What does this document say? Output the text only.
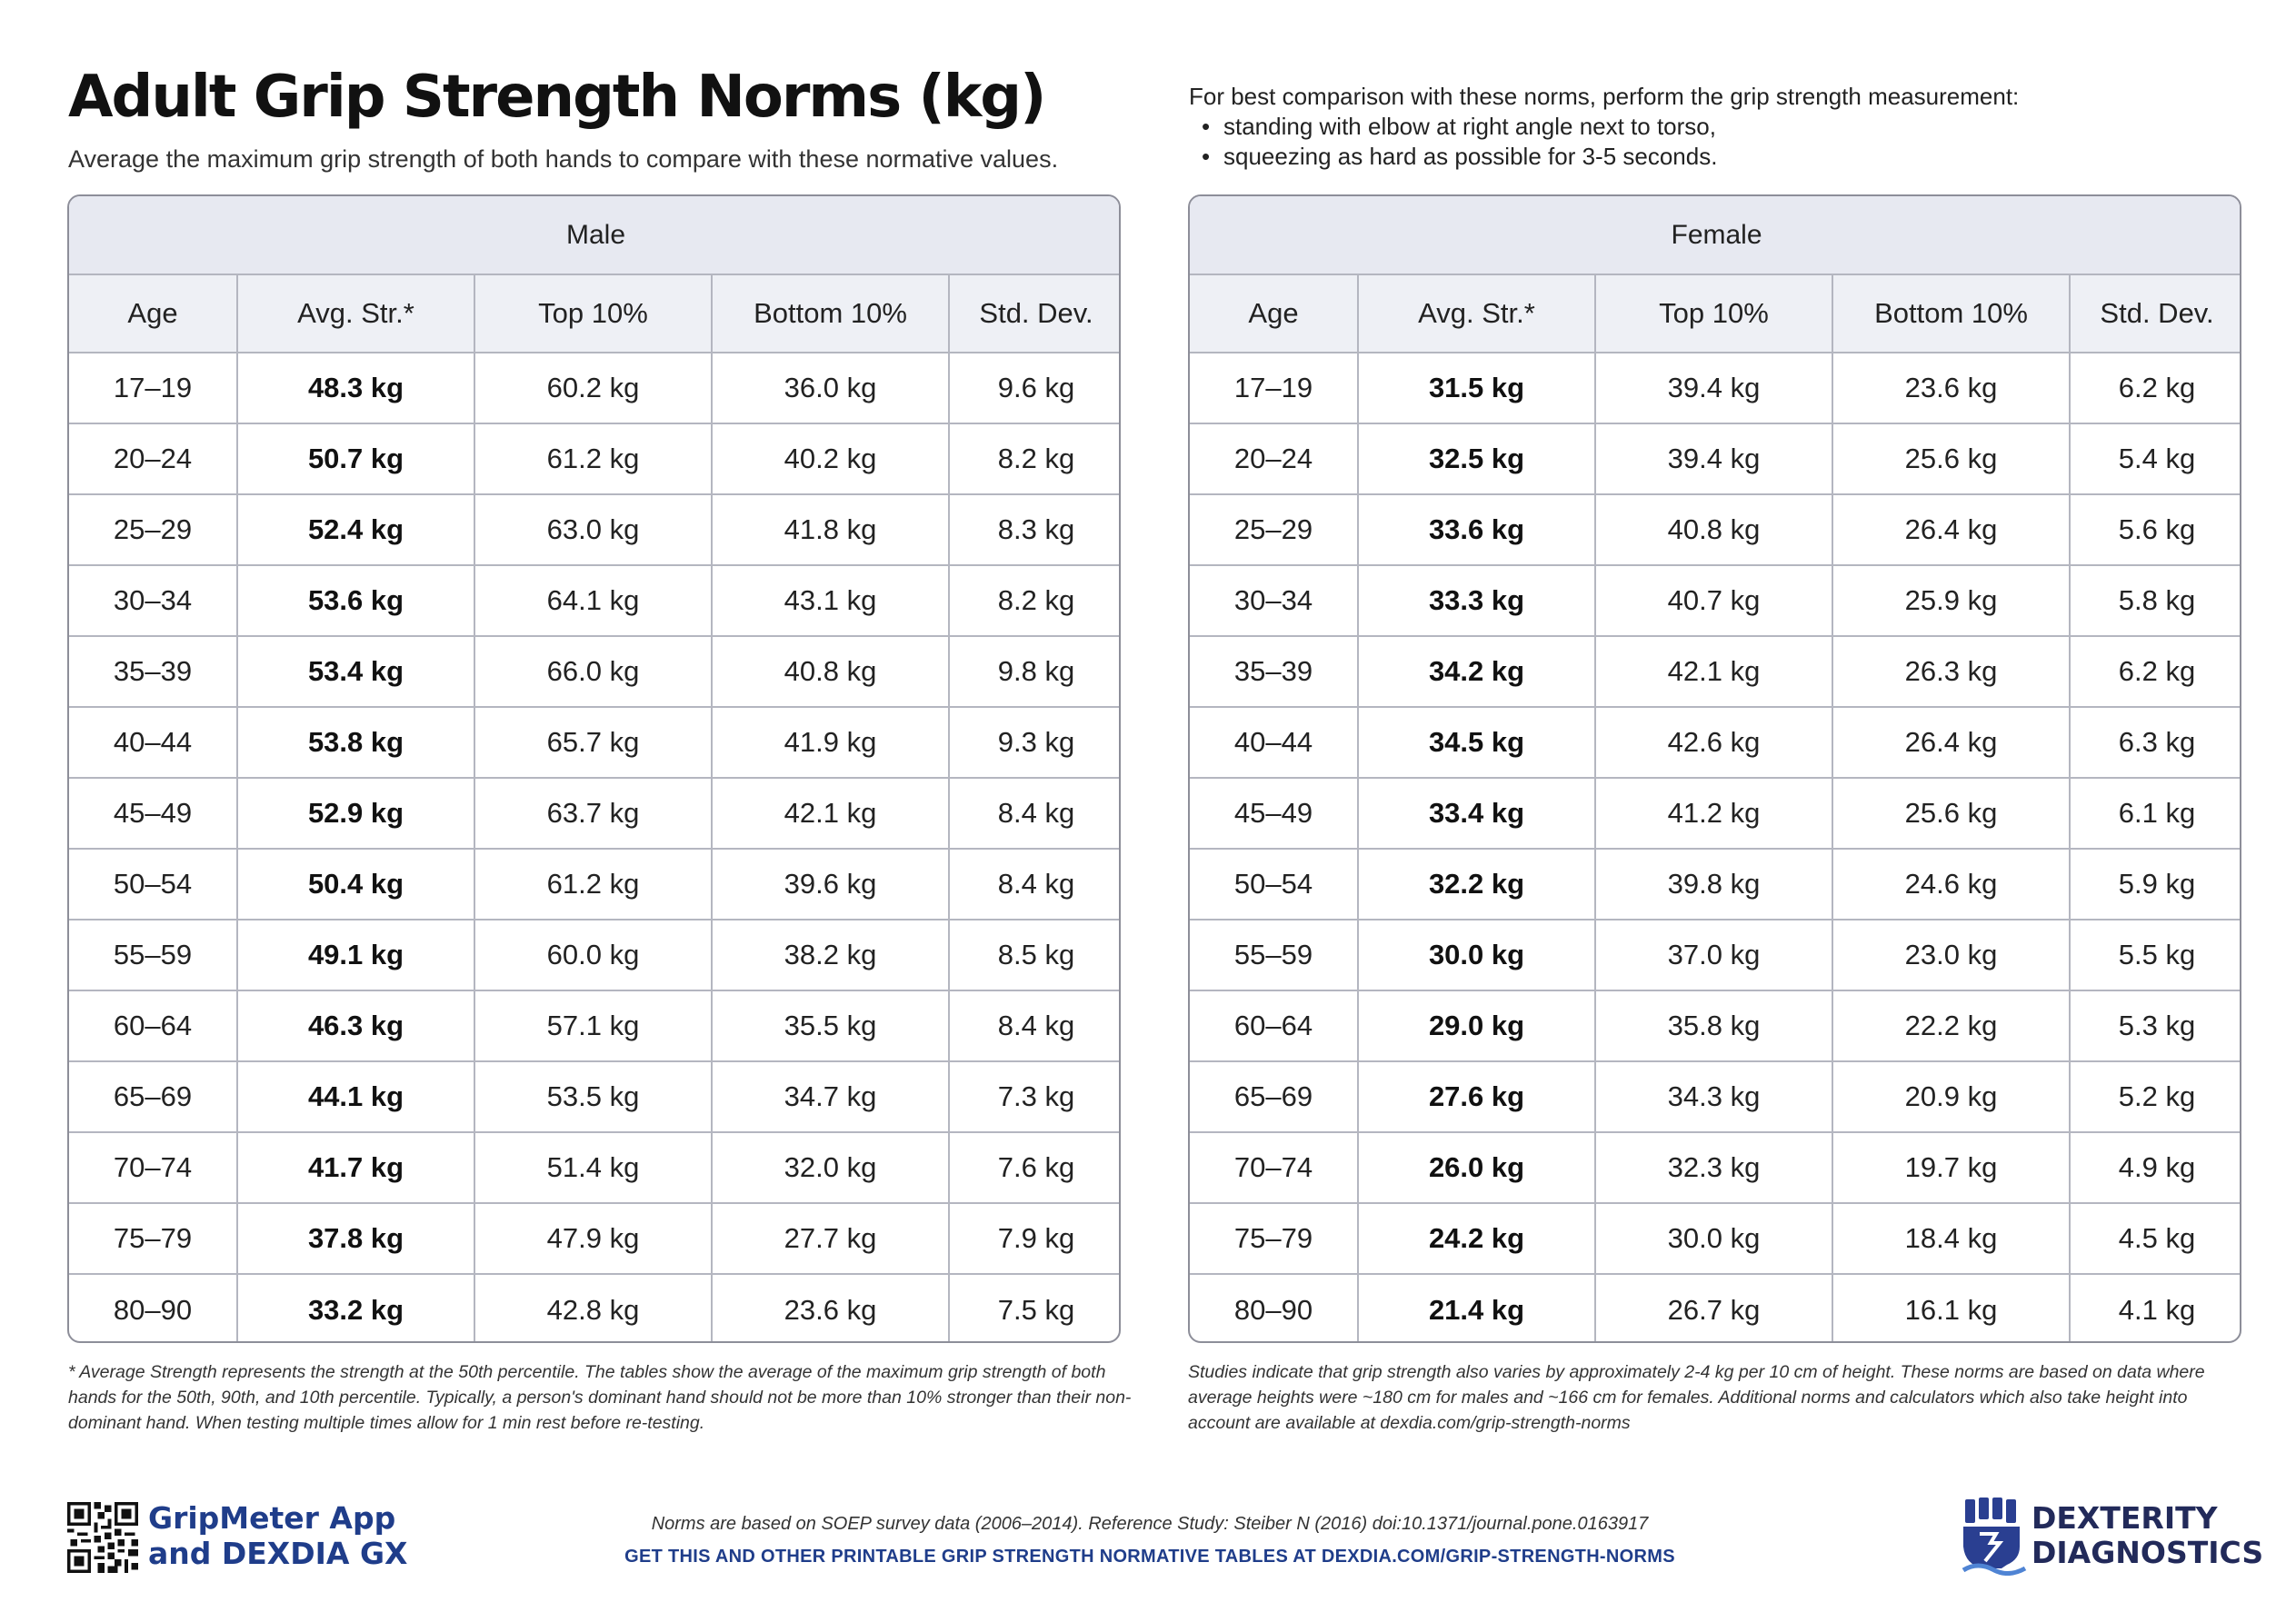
Adult Grip Strength Norms (kg)
Average the maximum grip strength of both hands to compare with these normative values.
For best comparison with these norms, perform the grip strength measurement:
• standing with elbow at right angle next to torso,
• squeezing as hard as possible for 3-5 seconds.
Male				
Age	Avg. Str.*	Top 10%	Bottom 10%	Std. Dev.
17–19	48.3 kg	60.2 kg	36.0 kg	9.6 kg
20–24	50.7 kg	61.2 kg	40.2 kg	8.2 kg
25–29	52.4 kg	63.0 kg	41.8 kg	8.3 kg
30–34	53.6 kg	64.1 kg	43.1 kg	8.2 kg
35–39	53.4 kg	66.0 kg	40.8 kg	9.8 kg
40–44	53.8 kg	65.7 kg	41.9 kg	9.3 kg
45–49	52.9 kg	63.7 kg	42.1 kg	8.4 kg
50–54	50.4 kg	61.2 kg	39.6 kg	8.4 kg
55–59	49.1 kg	60.0 kg	38.2 kg	8.5 kg
60–64	46.3 kg	57.1 kg	35.5 kg	8.4 kg
65–69	44.1 kg	53.5 kg	34.7 kg	7.3 kg
70–74	41.7 kg	51.4 kg	32.0 kg	7.6 kg
75–79	37.8 kg	47.9 kg	27.7 kg	7.9 kg
80–90	33.2 kg	42.8 kg	23.6 kg	7.5 kg
Female				
Age	Avg. Str.*	Top 10%	Bottom 10%	Std. Dev.
17–19	31.5 kg	39.4 kg	23.6 kg	6.2 kg
20–24	32.5 kg	39.4 kg	25.6 kg	5.4 kg
25–29	33.6 kg	40.8 kg	26.4 kg	5.6 kg
30–34	33.3 kg	40.7 kg	25.9 kg	5.8 kg
35–39	34.2 kg	42.1 kg	26.3 kg	6.2 kg
40–44	34.5 kg	42.6 kg	26.4 kg	6.3 kg
45–49	33.4 kg	41.2 kg	25.6 kg	6.1 kg
50–54	32.2 kg	39.8 kg	24.6 kg	5.9 kg
55–59	30.0 kg	37.0 kg	23.0 kg	5.5 kg
60–64	29.0 kg	35.8 kg	22.2 kg	5.3 kg
65–69	27.6 kg	34.3 kg	20.9 kg	5.2 kg
70–74	26.0 kg	32.3 kg	19.7 kg	4.9 kg
75–79	24.2 kg	30.0 kg	18.4 kg	4.5 kg
80–90	21.4 kg	26.7 kg	16.1 kg	4.1 kg
* Average Strength represents the strength at the 50th percentile. The tables show the average of the maximum grip strength of both hands for the 50th, 90th, and 10th percentile. Typically, a person's dominant hand should not be more than 10% stronger than their non-dominant hand. When testing multiple times allow for 1 min rest before re-testing.
Studies indicate that grip strength also varies by approximately 2-4 kg per 10 cm of height. These norms are based on data where average heights were ~180 cm for males and ~166 cm for females. Additional norms and calculators which also take height into account are available at dexdia.com/grip-strength-norms
GripMeter App
and DEXDIA GX
Norms are based on SOEP survey data (2006–2014). Reference Study: Steiber N (2016) doi:10.1371/journal.pone.0163917
GET THIS AND OTHER PRINTABLE GRIP STRENGTH NORMATIVE TABLES AT DEXDIA.COM/GRIP-STRENGTH-NORMS
DEXTERITY
DIAGNOSTICS
